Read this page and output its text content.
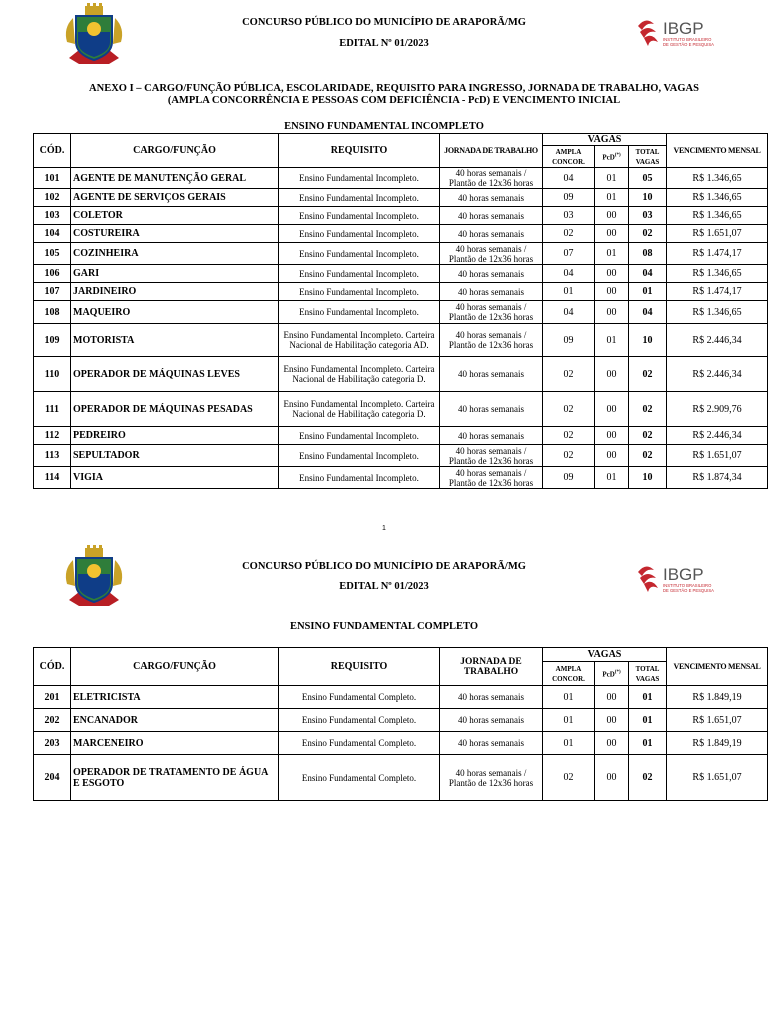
CONCURSO PÚBLICO DO MUNICÍPIO DE ARAPORÃ/MG
EDITAL Nº 01/2023
IBGP
INSTITUTO BRASILEIRO
DE GESTÃO E PESQUISA
ANEXO I – CARGO/FUNÇÃO PÚBLICA, ESCOLARIDADE, REQUISITO PARA INGRESSO, JORNADA DE TRABALHO, VAGAS
(AMPLA CONCORRÊNCIA E PESSOAS COM DEFICIÊNCIA - PcD) E VENCIMENTO INICIAL
ENSINO FUNDAMENTAL INCOMPLETO
CÓD.	CARGO/FUNÇÃO	REQUISITO	JORNADA DE TRABALHO	VAGAS			VENCIMENTO MENSAL
				AMPLA CONCOR.	PcD(*)	TOTAL VAGAS	
101	AGENTE DE MANUTENÇÃO GERAL	Ensino Fundamental Incompleto.	40 horas semanais / Plantão de 12x36 horas	04	01	05	R$ 1.346,65
102	AGENTE DE SERVIÇOS GERAIS	Ensino Fundamental Incompleto.	40 horas semanais	09	01	10	R$ 1.346,65
103	COLETOR	Ensino Fundamental Incompleto.	40 horas semanais	03	00	03	R$ 1.346,65
104	COSTUREIRA	Ensino Fundamental Incompleto.	40 horas semanais	02	00	02	R$ 1.651,07
105	COZINHEIRA	Ensino Fundamental Incompleto.	40 horas semanais / Plantão de 12x36 horas	07	01	08	R$ 1.474,17
106	GARI	Ensino Fundamental Incompleto.	40 horas semanais	04	00	04	R$ 1.346,65
107	JARDINEIRO	Ensino Fundamental Incompleto.	40 horas semanais	01	00	01	R$ 1.474,17
108	MAQUEIRO	Ensino Fundamental Incompleto.	40 horas semanais / Plantão de 12x36 horas	04	00	04	R$ 1.346,65
109	MOTORISTA	Ensino Fundamental Incompleto. Carteira Nacional de Habilitação categoria AD.	40 horas semanais / Plantão de 12x36 horas	09	01	10	R$ 2.446,34
110	OPERADOR DE MÁQUINAS LEVES	Ensino Fundamental Incompleto. Carteira Nacional de Habilitação categoria D.	40 horas semanais	02	00	02	R$ 2.446,34
111	OPERADOR DE MÁQUINAS PESADAS	Ensino Fundamental Incompleto. Carteira Nacional de Habilitação categoria D.	40 horas semanais	02	00	02	R$ 2.909,76
112	PEDREIRO	Ensino Fundamental Incompleto.	40 horas semanais	02	00	02	R$ 2.446,34
113	SEPULTADOR	Ensino Fundamental Incompleto.	40 horas semanais / Plantão de 12x36 horas	02	00	02	R$ 1.651,07
114	VIGIA	Ensino Fundamental Incompleto.	40 horas semanais / Plantão de 12x36 horas	09	01	10	R$ 1.874,34
1
CONCURSO PÚBLICO DO MUNICÍPIO DE ARAPORÃ/MG
EDITAL Nº 01/2023
IBGP
INSTITUTO BRASILEIRO
DE GESTÃO E PESQUISA
ENSINO FUNDAMENTAL COMPLETO
CÓD.	CARGO/FUNÇÃO	REQUISITO	JORNADA DE TRABALHO	VAGAS			VENCIMENTO MENSAL
				AMPLA CONCOR.	PcD(*)	TOTAL VAGAS	
201	ELETRICISTA	Ensino Fundamental Completo.	40 horas semanais	01	00	01	R$ 1.849,19
202	ENCANADOR	Ensino Fundamental Completo.	40 horas semanais	01	00	01	R$ 1.651,07
203	MARCENEIRO	Ensino Fundamental Completo.	40 horas semanais	01	00	01	R$ 1.849,19
204	OPERADOR DE TRATAMENTO DE ÁGUA E ESGOTO	Ensino Fundamental Completo.	40 horas semanais / Plantão de 12x36 horas	02	00	02	R$ 1.651,07
